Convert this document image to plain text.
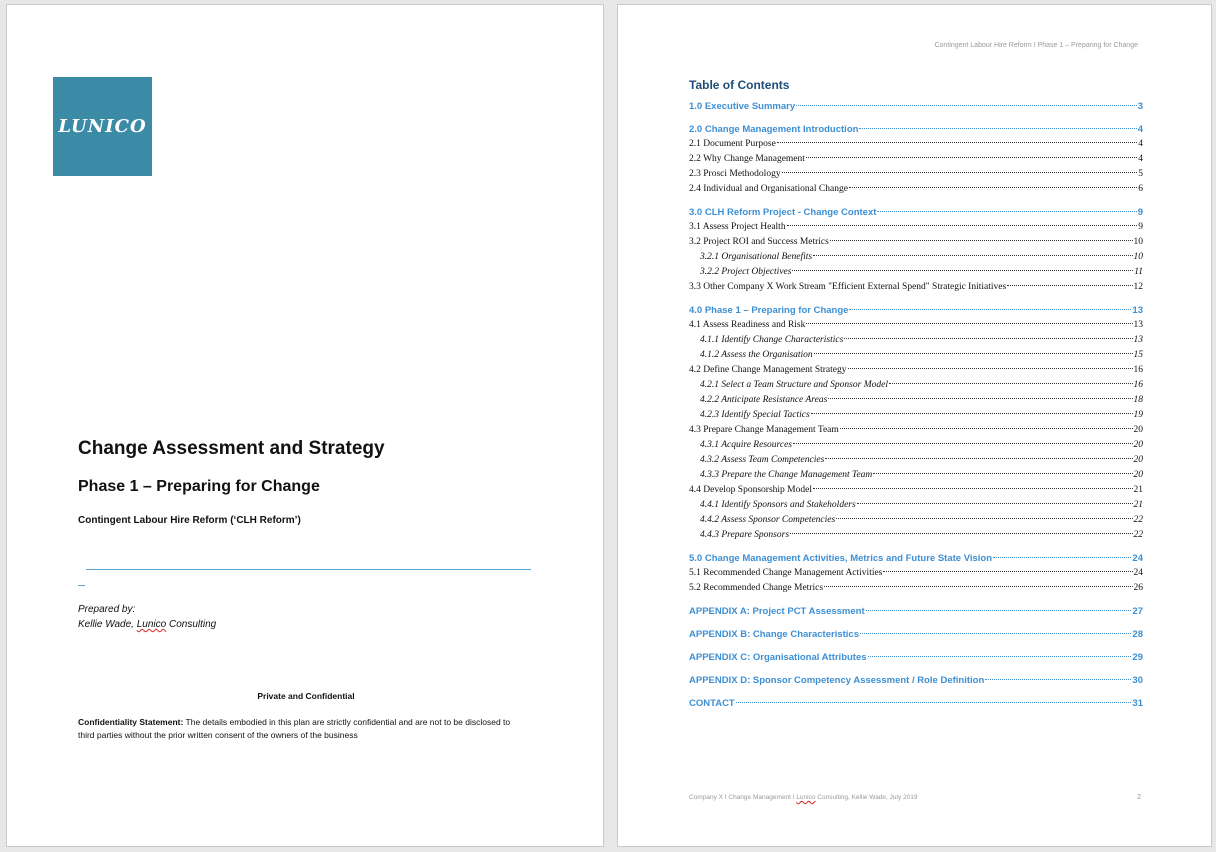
LUNICO
Change Assessment and Strategy
Phase 1 – Preparing for Change
Contingent Labour Hire Reform (‘CLH Reform’)
Prepared by:
Kellie Wade, Lunico Consulting
Private and Confidential
Confidentiality Statement: The details embodied in this plan are strictly confidential and are not to be disclosed to third parties without the prior written consent of the owners of the business
Contingent Labour Hire Reform I Phase 1 – Preparing for Change
Table of Contents
1.0 Executive Summary	3
2.0 Change Management Introduction	4
2.1 Document Purpose	4
2.2 Why Change Management	4
2.3 Prosci Methodology	5
2.4 Individual and Organisational Change	6
3.0 CLH Reform Project - Change Context	9
3.1 Assess Project Health	9
3.2 Project ROI and Success Metrics	10
3.2.1 Organisational Benefits	10
3.2.2 Project Objectives	11
3.3 Other Company X Work Stream "Efficient External Spend" Strategic Initiatives	12
4.0 Phase 1 – Preparing for Change	13
4.1 Assess Readiness and Risk	13
4.1.1 Identify Change Characteristics	13
4.1.2 Assess the Organisation	15
4.2 Define Change Management Strategy	16
4.2.1 Select a Team Structure and Sponsor Model	16
4.2.2 Anticipate Resistance Areas	18
4.2.3 Identify Special Tactics	19
4.3 Prepare Change Management Team	20
4.3.1 Acquire Resources	20
4.3.2 Assess Team Competencies	20
4.3.3 Prepare the Change Management Team	20
4.4 Develop Sponsorship Model	21
4.4.1 Identify Sponsors and Stakeholders	21
4.4.2 Assess Sponsor Competencies	22
4.4.3 Prepare Sponsors	22
5.0 Change Management Activities, Metrics and Future State Vision	24
5.1 Recommended Change Management Activities	24
5.2 Recommended Change Metrics	26
APPENDIX A: Project PCT Assessment	27
APPENDIX B: Change Characteristics	28
APPENDIX C: Organisational Attributes	29
APPENDIX D: Sponsor Competency Assessment / Role Definition	30
CONTACT	31
Company X I Change Management I Lunico Consulting, Kellie Wade, July 2019	2
